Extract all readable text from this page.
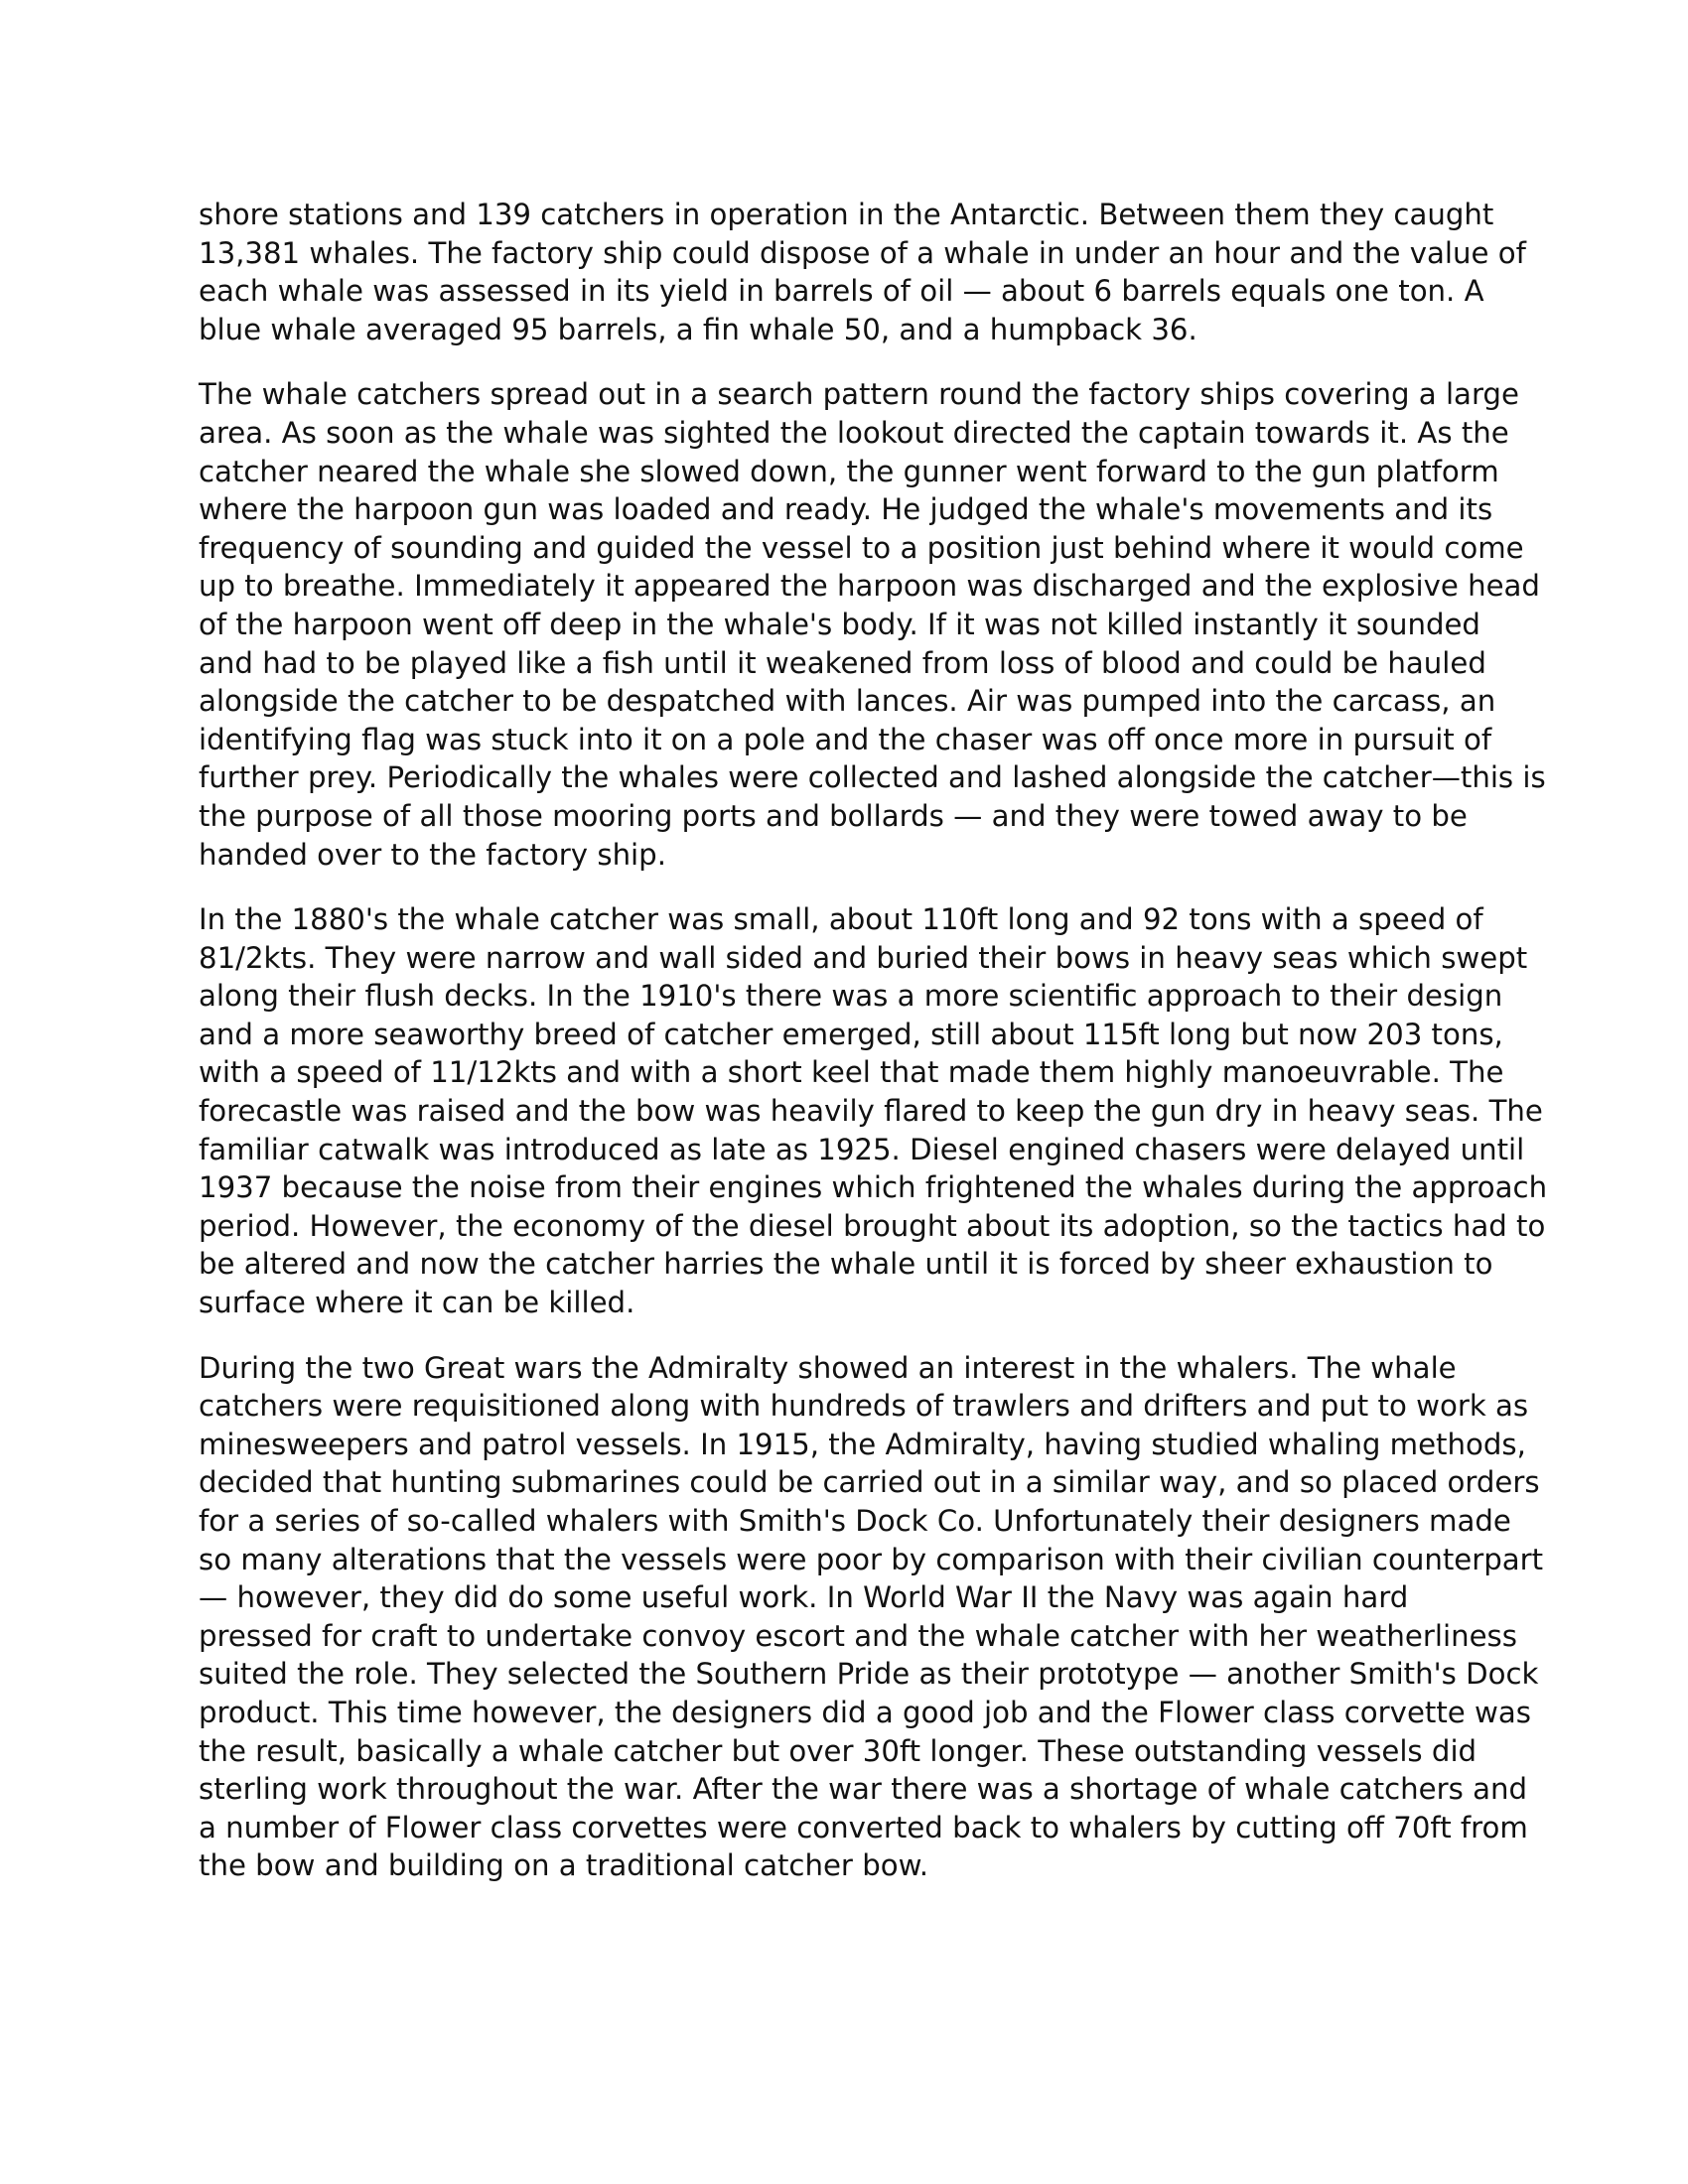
shore stations and 139 catchers in operation in the Antarctic. Between them they caught
13,381 whales. The factory ship could dispose of a whale in under an hour and the value of
each whale was assessed in its yield in barrels of oil — about 6 barrels equals one ton. A
blue whale averaged 95 barrels, a fin whale 50, and a humpback 36.

The whale catchers spread out in a search pattern round the factory ships covering a large
area. As soon as the whale was sighted the lookout directed the captain towards it. As the
catcher neared the whale she slowed down, the gunner went forward to the gun platform
where the harpoon gun was loaded and ready. He judged the whale's movements and its
frequency of sounding and guided the vessel to a position just behind where it would come
up to breathe. Immediately it appeared the harpoon was discharged and the explosive head
of the harpoon went off deep in the whale's body. If it was not killed instantly it sounded
and had to be played like a fish until it weakened from loss of blood and could be hauled
alongside the catcher to be despatched with lances. Air was pumped into the carcass, an
identifying flag was stuck into it on a pole and the chaser was off once more in pursuit of
further prey. Periodically the whales were collected and lashed alongside the catcher—this is
the purpose of all those mooring ports and bollards — and they were towed away to be
handed over to the factory ship.

In the 1880's the whale catcher was small, about 110ft long and 92 tons with a speed of
81/2kts. They were narrow and wall sided and buried their bows in heavy seas which swept
along their flush decks. In the 1910's there was a more scientific approach to their design
and a more seaworthy breed of catcher emerged, still about 115ft long but now 203 tons,
with a speed of 11/12kts and with a short keel that made them highly manoeuvrable. The
forecastle was raised and the bow was heavily flared to keep the gun dry in heavy seas. The
familiar catwalk was introduced as late as 1925. Diesel engined chasers were delayed until
1937 because the noise from their engines which frightened the whales during the approach
period. However, the economy of the diesel brought about its adoption, so the tactics had to
be altered and now the catcher harries the whale until it is forced by sheer exhaustion to
surface where it can be killed.

During the two Great wars the Admiralty showed an interest in the whalers. The whale
catchers were requisitioned along with hundreds of trawlers and drifters and put to work as
minesweepers and patrol vessels. In 1915, the Admiralty, having studied whaling methods,
decided that hunting submarines could be carried out in a similar way, and so placed orders
for a series of so-called whalers with Smith's Dock Co. Unfortunately their designers made
so many alterations that the vessels were poor by comparison with their civilian counterpart
— however, they did do some useful work. In World War II the Navy was again hard
pressed for craft to undertake convoy escort and the whale catcher with her weatherliness
suited the role. They selected the Southern Pride as their prototype — another Smith's Dock
product. This time however, the designers did a good job and the Flower class corvette was
the result, basically a whale catcher but over 30ft longer. These outstanding vessels did
sterling work throughout the war. After the war there was a shortage of whale catchers and
a number of Flower class corvettes were converted back to whalers by cutting off 70ft from
the bow and building on a traditional catcher bow.
